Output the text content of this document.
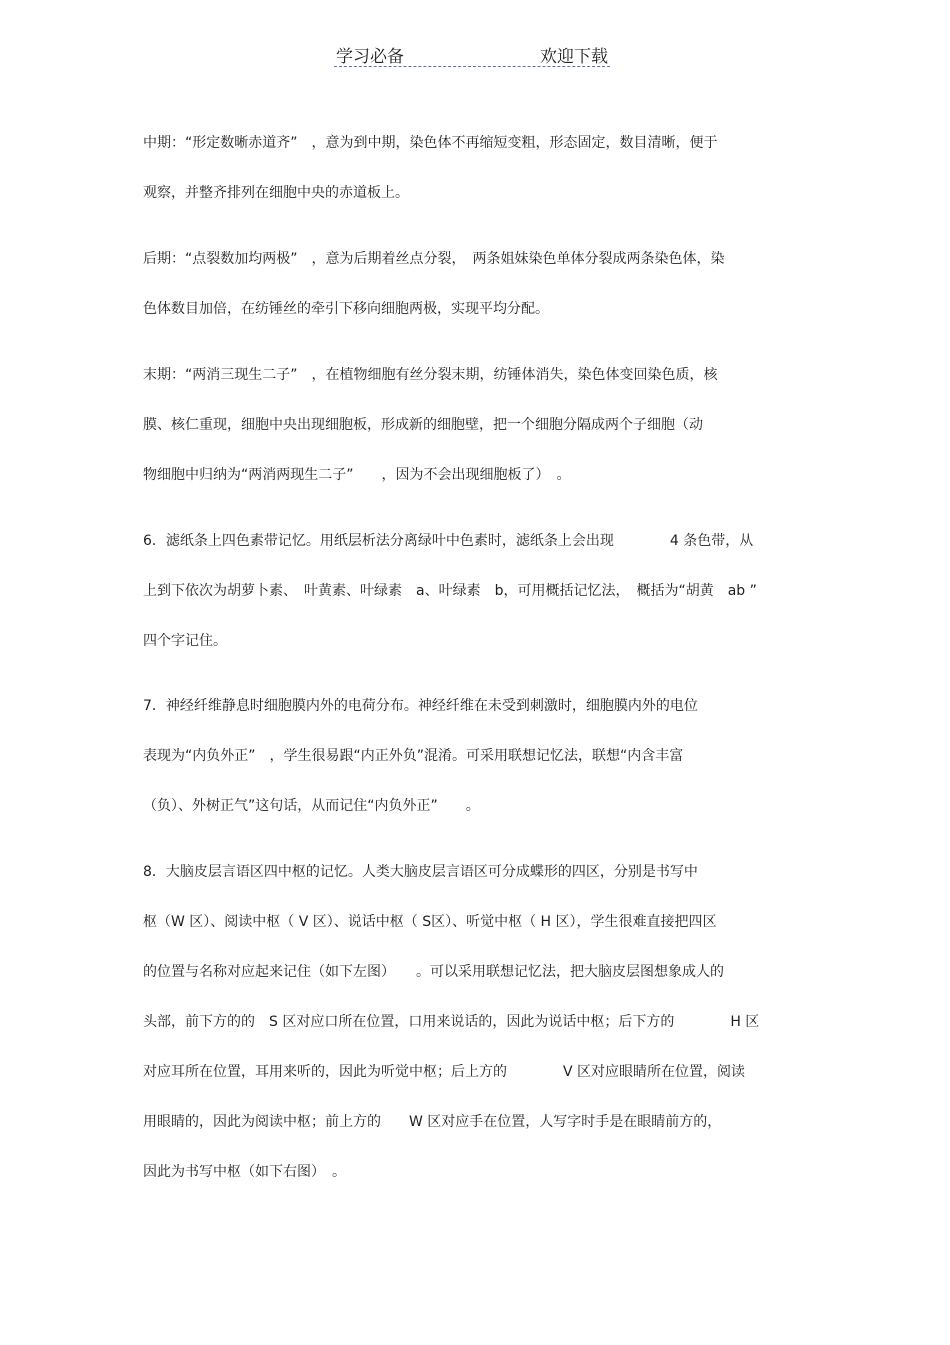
学习必备	欢迎下载
中期：“形定数晰赤道齐”　，意为到中期，染色体不再缩短变粗，形态固定，数目清晰，便于
观察，并整齐排列在细胞中央的赤道板上。
后期：“点裂数加均两极”　，意为后期着丝点分裂，　两条姐妹染色单体分裂成两条染色体，染
色体数目加倍，在纺锤丝的牵引下移向细胞两极，实现平均分配。
末期：“两消三现生二子”　，在植物细胞有丝分裂末期，纺锤体消失，染色体变回染色质，核
膜、核仁重现，细胞中央出现细胞板，形成新的细胞壁，把一个细胞分隔成两个子细胞（动
物细胞中归纳为“两消两现生二子”　　，因为不会出现细胞板了）　。
6．滤纸条上四色素带记忆。用纸层析法分离绿叶中色素时，滤纸条上会出现　　　　4 条色带，从
上到下依次为胡萝卜素、　叶黄素、叶绿素　a、叶绿素　b，可用概括记忆法，　概括为“胡黄　ab ”
四个字记住。
7．神经纤维静息时细胞膜内外的电荷分布。神经纤维在未受到刺激时，细胞膜内外的电位
表现为“内负外正”　，学生很易跟“内正外负”混淆。可采用联想记忆法，联想“内含丰富
（负）、外树正气”这句话，从而记住“内负外正”　　。
8．大脑皮层言语区四中枢的记忆。人类大脑皮层言语区可分成蝶形的四区，分别是书写中
枢（W 区）、阅读中枢（ V 区）、说话中枢（ S区）、听觉中枢（ H 区），学生很难直接把四区
的位置与名称对应起来记住（如下左图）　　。可以采用联想记忆法，把大脑皮层图想象成人的
头部，前下方的的　S 区对应口所在位置，口用来说话的，因此为说话中枢；后下方的　　　　H 区
对应耳所在位置，耳用来听的，因此为听觉中枢；后上方的　　　　V 区对应眼睛所在位置，阅读
用眼睛的，因此为阅读中枢；前上方的　　W 区对应手在位置，人写字时手是在眼睛前方的，
因此为书写中枢（如下右图）　。
